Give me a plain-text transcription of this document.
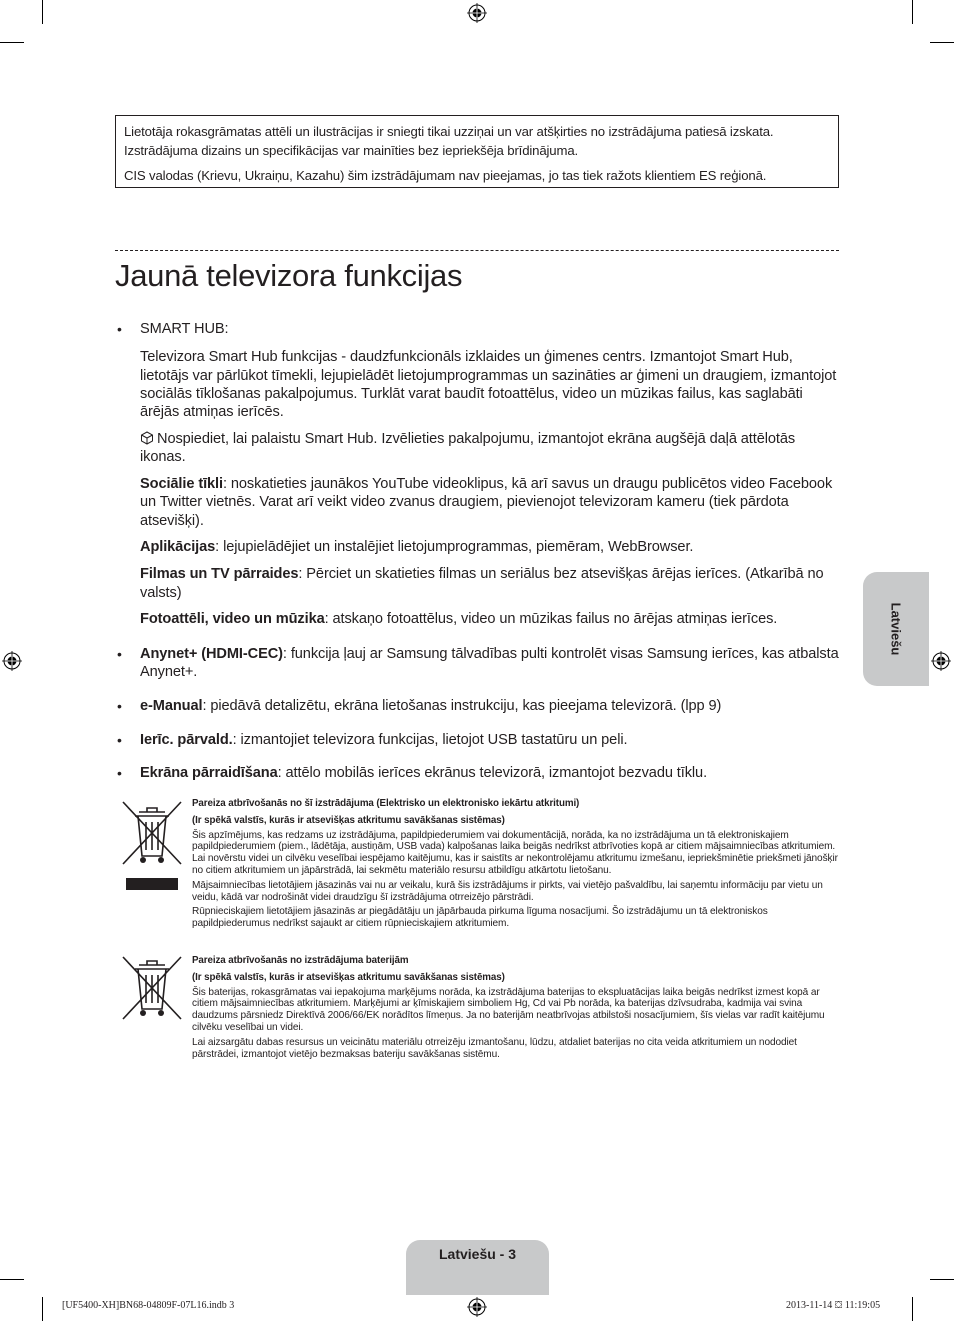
Lietotāja rokasgrāmatas attēli un ilustrācijas ir sniegti tikai uzziņai un var atšķirties no izstrādājuma patiesā izskata.

Izstrādājuma dizains un specifikācijas var mainīties bez iepriekšēja brīdinājuma.

CIS valodas (Krievu, Ukraiņu, Kazahu) šim izstrādājumam nav pieejamas, jo tas tiek ražots klientiem ES reģionā.

Jaunā televizora funkcijas

• SMART HUB:

Televizora Smart Hub funkcijas - daudzfunkcionāls izklaides un ģimenes centrs. Izmantojot Smart Hub, lietotājs var pārlūkot tīmekli, lejupielādēt lietojumprogrammas un sazināties ar ģimeni un draugiem, izmantojot sociālās tīklošanas pakalpojumus. Turklāt varat baudīt fotoattēlus, video un mūzikas failus, kas saglabāti ārējās atmiņas ierīcēs.

Nospiediet, lai palaistu Smart Hub. Izvēlieties pakalpojumu, izmantojot ekrāna augšējā daļā attēlotās ikonas.

Sociālie tīkli: noskatieties jaunākos YouTube videoklipus, kā arī savus un draugu publicētos video Facebook un Twitter vietnēs. Varat arī veikt video zvanus draugiem, pievienojot televizoram kameru (tiek pārdota atsevišķi).

Aplikācijas: lejupielādējiet un instalējiet lietojumprogrammas, piemēram, WebBrowser.

Filmas un TV pārraides: Pērciet un skatieties filmas un seriālus bez atsevišķas ārējas ierīces. (Atkarībā no valsts)

Fotoattēli, video un mūzika: atskaņo fotoattēlus, video un mūzikas failus no ārējas atmiņas ierīces.

• Anynet+ (HDMI-CEC): funkcija ļauj ar Samsung tālvadības pulti kontrolēt visas Samsung ierīces, kas atbalsta Anynet+.

• e-Manual: piedāvā detalizētu, ekrāna lietošanas instrukciju, kas pieejama televizorā. (lpp 9)

• Ierīc. pārvald.: izmantojiet televizora funkcijas, lietojot USB tastatūru un peli.

• Ekrāna pārraidīšana: attēlo mobilās ierīces ekrānus televizorā, izmantojot bezvadu tīklu.

Pareiza atbrīvošanās no šī izstrādājuma (Elektrisko un elektronisko iekārtu atkritumi)

(Ir spēkā valstīs, kurās ir atsevišķas atkritumu savākšanas sistēmas)

Šis apzīmējums, kas redzams uz izstrādājuma, papildpiederumiem vai dokumentācijā, norāda, ka no izstrādājuma un tā elektroniskajiem papildpiederumiem (piem., lādētāja, austiņām, USB vada) kalpošanas laika beigās nedrīkst atbrīvoties kopā ar citiem mājsaimniecības atkritumiem. Lai novērstu videi un cilvēku veselībai iespējamo kaitējumu, kas ir saistīts ar nekontrolējamu atkritumu izmešanu, iepriekšminētie priekšmeti jānošķir no citiem atkritumiem un jāpārstrādā, lai sekmētu materiālo resursu atbildīgu atkārtotu lietošanu.

Mājsaimniecības lietotājiem jāsazinās vai nu ar veikalu, kurā šis izstrādājums ir pirkts, vai vietējo pašvaldību, lai saņemtu informāciju par vietu un veidu, kādā var nodrošināt videi draudzīgu šī izstrādājuma otrreizējo pārstrādi.

Rūpnieciskajiem lietotājiem jāsazinās ar piegādātāju un jāpārbauda pirkuma līguma nosacījumi. Šo izstrādājumu un tā elektroniskos papildpiederumus nedrīkst sajaukt ar citiem rūpnieciskajiem atkritumiem.

Pareiza atbrīvošanās no izstrādājuma baterijām

(Ir spēkā valstīs, kurās ir atsevišķas atkritumu savākšanas sistēmas)

Šis baterijas, rokasgrāmatas vai iepakojuma marķējums norāda, ka izstrādājuma baterijas to ekspluatācijas laika beigās nedrīkst izmest kopā ar citiem mājsaimniecības atkritumiem. Marķējumi ar ķīmiskajiem simboliem Hg, Cd vai Pb norāda, ka baterijas dzīvsudraba, kadmija vai svina daudzums pārsniedz Direktīvā 2006/66/EK norādītos līmeņus. Ja no baterijām neatbrīvojas atbilstoši nosacījumiem, šīs vielas var radīt kaitējumu cilvēku veselībai un videi.

Lai aizsargātu dabas resursus un veicinātu materiālu otrreizēju izmantošanu, lūdzu, atdaliet baterijas no cita veida atkritumiem un nododiet pārstrādei, izmantojot vietējo bezmaksas bateriju savākšanas sistēmu.

Latviešu
Latviešu - 3
[UF5400-XH]BN68-04809F-07L16.indb 3	2013-11-14 ⛋ 11:19:05
